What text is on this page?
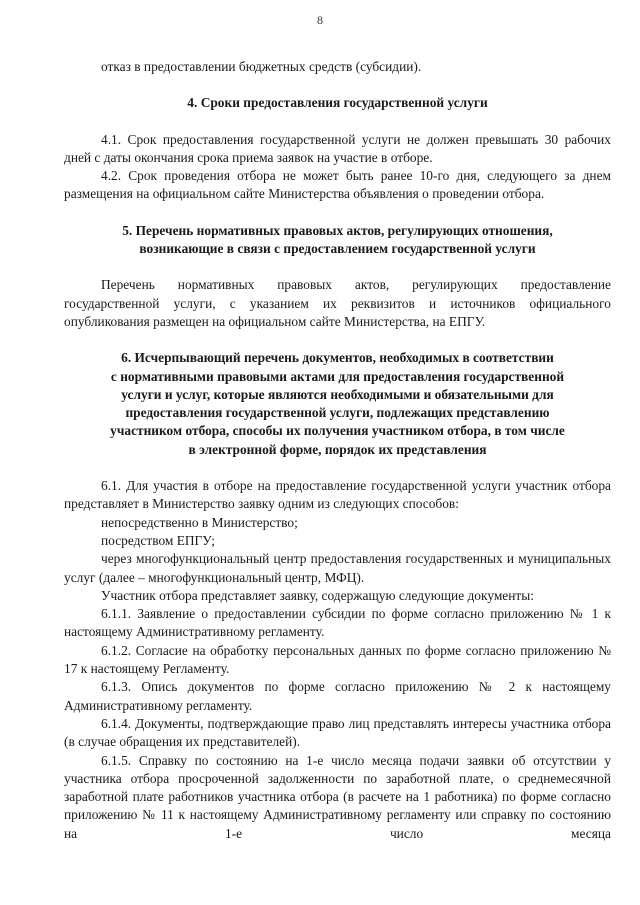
8

отказ в предоставлении бюджетных средств (субсидии).

4. Сроки предоставления государственной услуги

4.1. Срок предоставления государственной услуги не должен превышать 30 рабочих дней с даты окончания срока приема заявок на участие в отборе.

4.2. Срок проведения отбора не может быть ранее 10-го дня, следующего за днем размещения на официальном сайте Министерства объявления о проведении отбора.

5. Перечень нормативных правовых актов, регулирующих отношения,
возникающие в связи с предоставлением государственной услуги

Перечень нормативных правовых актов, регулирующих предоставление государственной услуги, с указанием их реквизитов и источников официального опубликования размещен на официальном сайте Министерства, на ЕПГУ.

6. Исчерпывающий перечень документов, необходимых в соответствии
с нормативными правовыми актами для предоставления государственной
услуги и услуг, которые являются необходимыми и обязательными для
предоставления государственной услуги, подлежащих представлению
участником отбора, способы их получения участником отбора, в том числе
в электронной форме, порядок их представления

6.1. Для участия в отборе на предоставление государственной услуги участник отбора представляет в Министерство заявку одним из следующих способов:

непосредственно в Министерство;

посредством ЕПГУ;

через многофункциональный центр предоставления государственных и муниципальных услуг (далее – многофункциональный центр, МФЦ).

Участник отбора представляет заявку, содержащую следующие документы:

6.1.1. Заявление о предоставлении субсидии по форме согласно приложению № 1 к настоящему Административному регламенту.

6.1.2. Согласие на обработку персональных данных по форме согласно приложению № 17 к настоящему Регламенту.

6.1.3. Опись документов по форме согласно приложению № 2 к настоящему Административному регламенту.

6.1.4. Документы, подтверждающие право лиц представлять интересы участника отбора (в случае обращения их представителей).

6.1.5. Справку по состоянию на 1-е число месяца подачи заявки об отсутствии у участника отбора просроченной задолженности по заработной плате, о среднемесячной заработной плате работников участника отбора (в расчете на 1 работника) по форме согласно приложению № 11 к настоящему Административному регламенту или справку по состоянию на 1-е число месяца
